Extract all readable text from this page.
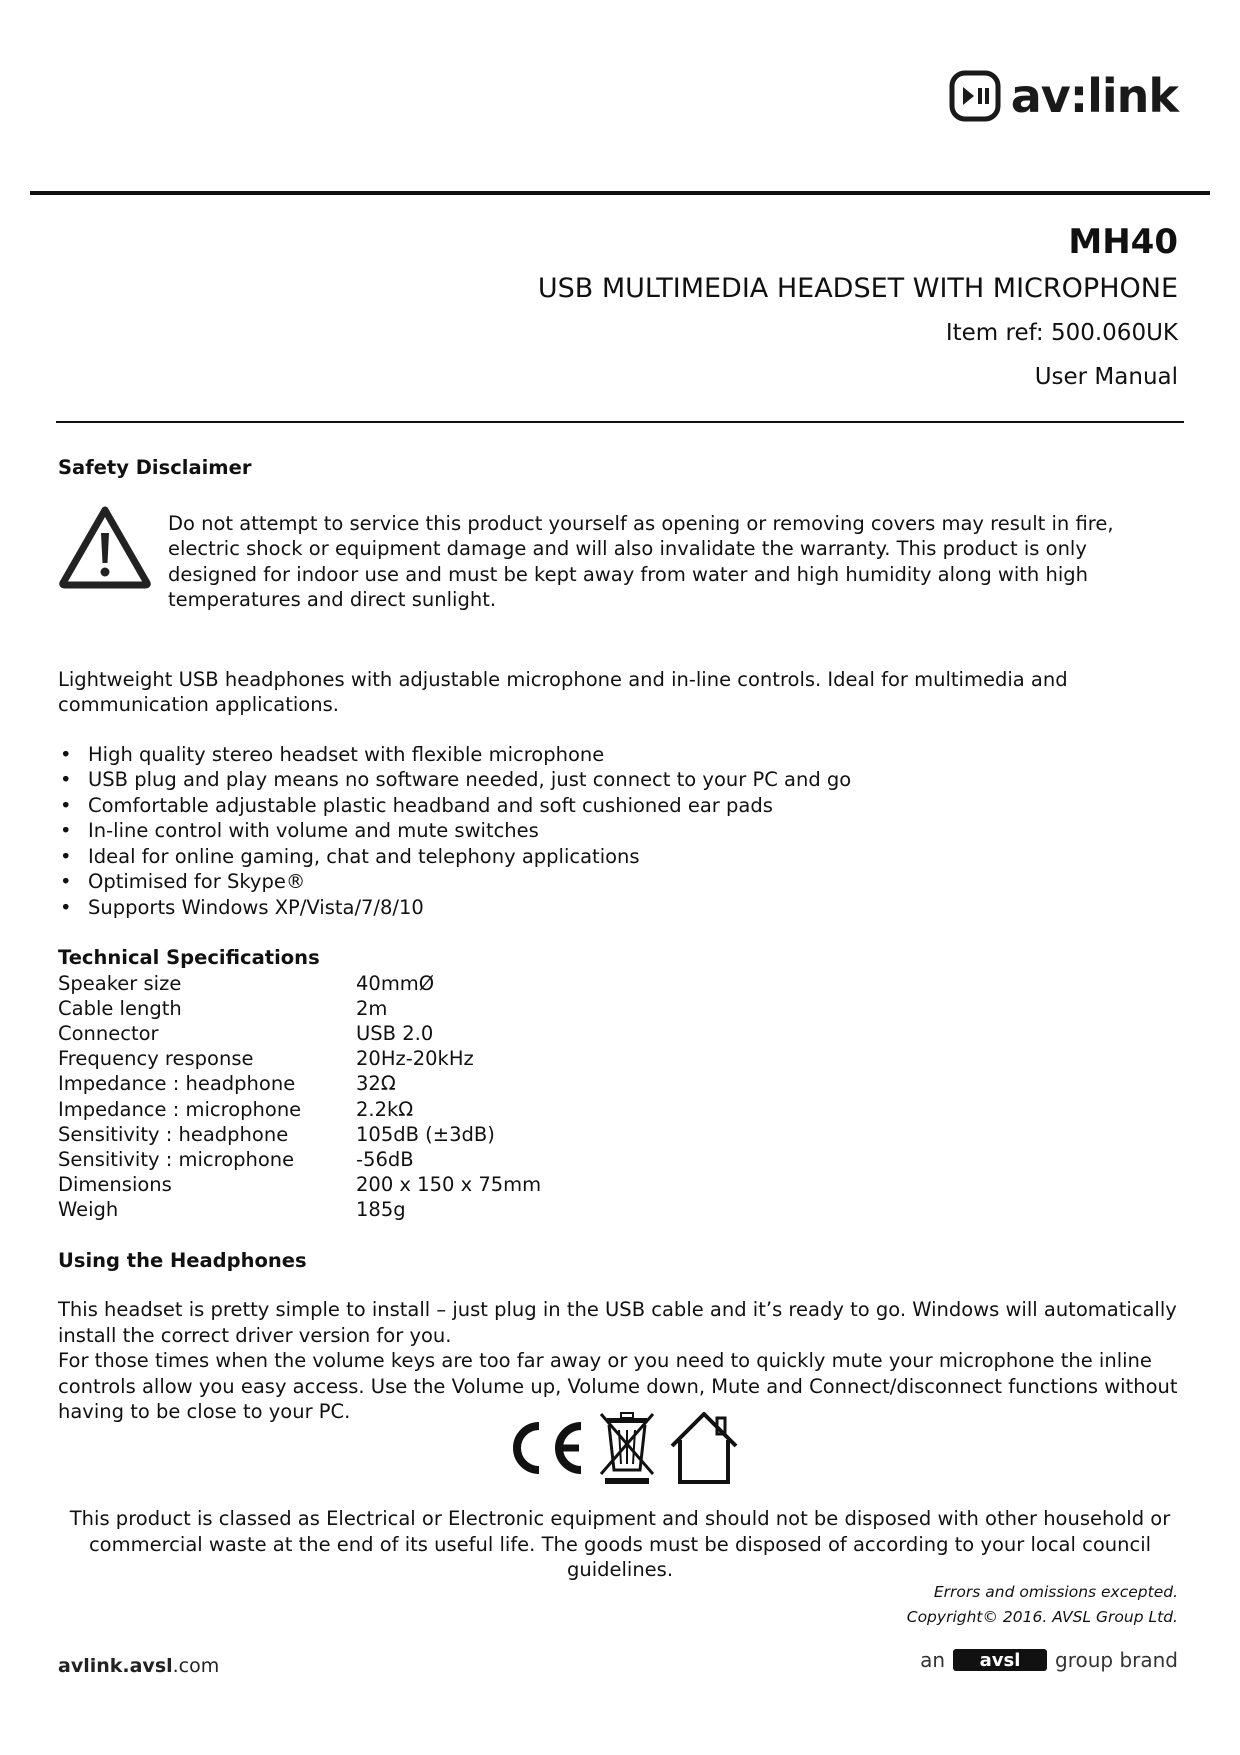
av:link
MH40
USB MULTIMEDIA HEADSET WITH MICROPHONE
Item ref: 500.060UK
User Manual
Safety Disclaimer

Do not attempt to service this product yourself as opening or removing covers may result in fire, electric shock or equipment damage and will also invalidate the warranty. This product is only designed for indoor use and must be kept away from water and high humidity along with high temperatures and direct sunlight.

Lightweight USB headphones with adjustable microphone and in-line controls. Ideal for multimedia and communication applications.

• High quality stereo headset with flexible microphone
• USB plug and play means no software needed, just connect to your PC and go
• Comfortable adjustable plastic headband and soft cushioned ear pads
• In-line control with volume and mute switches
• Ideal for online gaming, chat and telephony applications
• Optimised for Skype®
• Supports Windows XP/Vista/7/8/10
Technical Specifications
Speaker size	40mmØ
Cable length	2m
Connector	USB 2.0
Frequency response	20Hz-20kHz
Impedance : headphone	32Ω
Impedance : microphone	2.2kΩ
Sensitivity : headphone	105dB (±3dB)
Sensitivity : microphone	-56dB
Dimensions	200 x 150 x 75mm
Weigh	185g
Using the Headphones

This headset is pretty simple to install – just plug in the USB cable and it’s ready to go. Windows will automatically install the correct driver version for you.

For those times when the volume keys are too far away or you need to quickly mute your microphone the inline controls allow you easy access. Use the Volume up, Volume down, Mute and Connect/disconnect functions without having to be close to your PC.

This product is classed as Electrical or Electronic equipment and should not be disposed with other household or commercial waste at the end of its useful life. The goods must be disposed of according to your local council guidelines.
Errors and omissions excepted.
Copyright© 2016. AVSL Group Ltd.
avlink.avsl.com	an avsl group brand
